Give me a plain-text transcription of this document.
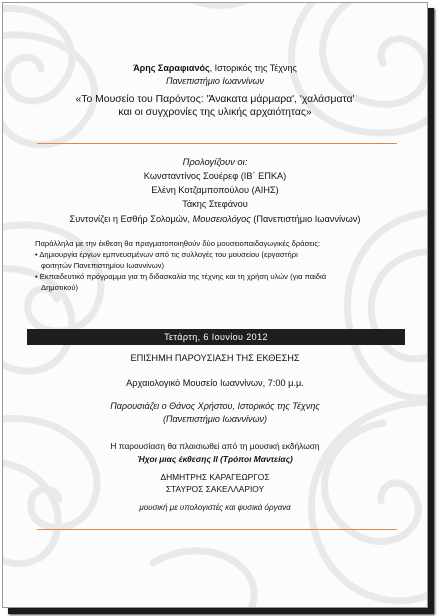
Άρης Σαραφιανός, Ιστορικός της Τέχνης
Πανεπιστήμιο Ιωαννίνων
«Το Μουσείο του Παρόντος: 'Άνακατα μάρμαρα', 'χαλάσματα'
και οι συγχρονίες της υλικής αρχαιότητας»
Προλογίζουν οι:
Κωνσταντίνος Σουέρεφ (ΙΒ΄ ΕΠΚΑ)
Ελένη Κοτζαμποπούλου (ΑΙΗΣ)
Τάκης Στεφάνου
Συντονίζει η Εσθήρ Σολομών, Μουσειολόγος (Πανεπιστήμιο Ιωαννίνων)
Παράλληλα με την έκθεση θα πραγματοποιηθούν δύο μουσειοπαιδαγωγικές δράσεις:
• Δημιουργία έργων εμπνευσμένων από τις συλλογές του μουσείου (εργαστήρι
φοιτητών Πανεπιστημίου Ιωαννίνων)
• Εκπαιδευτικό πρόγραμμα για τη διδασκαλία της τέχνης και τη χρήση υλών (για παιδιά
Δημοτικού)
Τετάρτη, 6 Ιουνίου 2012
ΕΠΙΣΗΜΗ ΠΑΡΟΥΣΙΑΣΗ ΤΗΣ ΕΚΘΕΣΗΣ
Αρχαιολογικό Μουσείο Ιωαννίνων, 7:00 μ.μ.
Παρουσιάζει ο Θάνος Χρήστου, Ιστορικός της Τέχνης
(Πανεπιστήμιο Ιωαννίνων)
Η παρουσίαση θα πλαισιωθεί από τη μουσική εκδήλωση
Ήχοι μιας έκθεσης ΙΙ (Τρόποι Μαντείας)
ΔΗΜΗΤΡΗΣ ΚΑΡΑΓΕΩΡΓΟΣ
ΣΤΑΥΡΟΣ ΣΑΚΕΛΛΑΡΙΟΥ
μουσική με υπολογιστές και φυσικά όργανα
